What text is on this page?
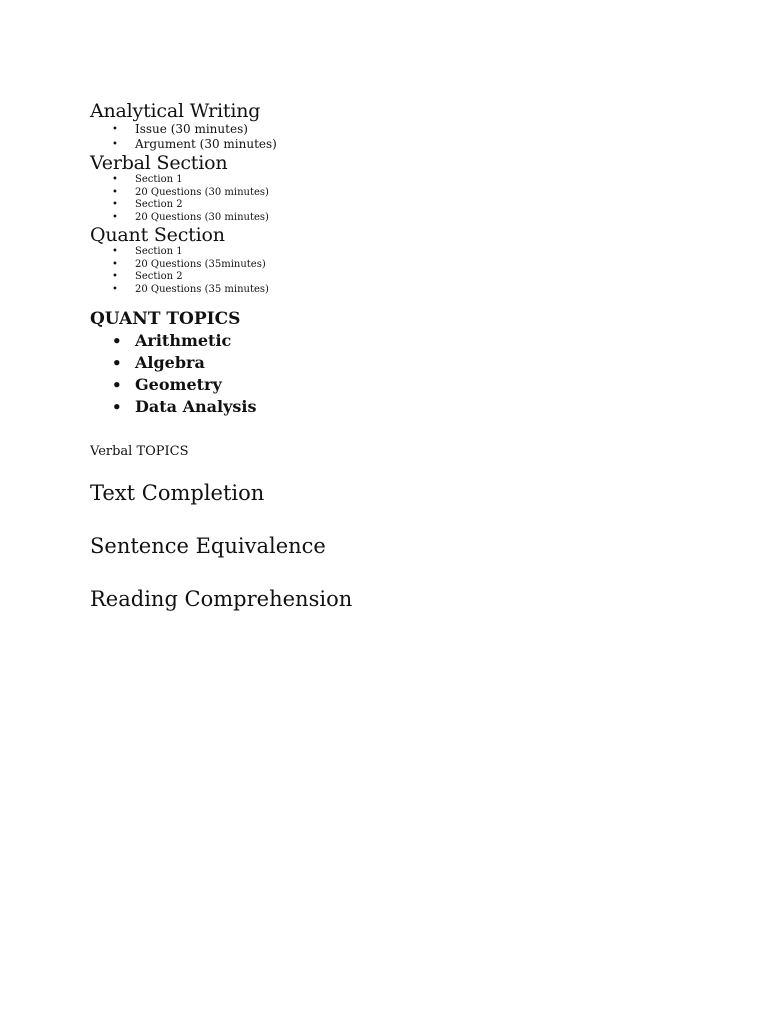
Analytical Writing
• Issue (30 minutes)
• Argument (30 minutes)
Verbal Section
• Section 1
• 20 Questions (30 minutes)
• Section 2
• 20 Questions (30 minutes)
Quant Section
• Section 1
• 20 Questions (35minutes)
• Section 2
• 20 Questions (35 minutes)
QUANT TOPICS
• Arithmetic
• Algebra
• Geometry
• Data Analysis
Verbal TOPICS
Text Completion
Sentence Equivalence
Reading Comprehension
